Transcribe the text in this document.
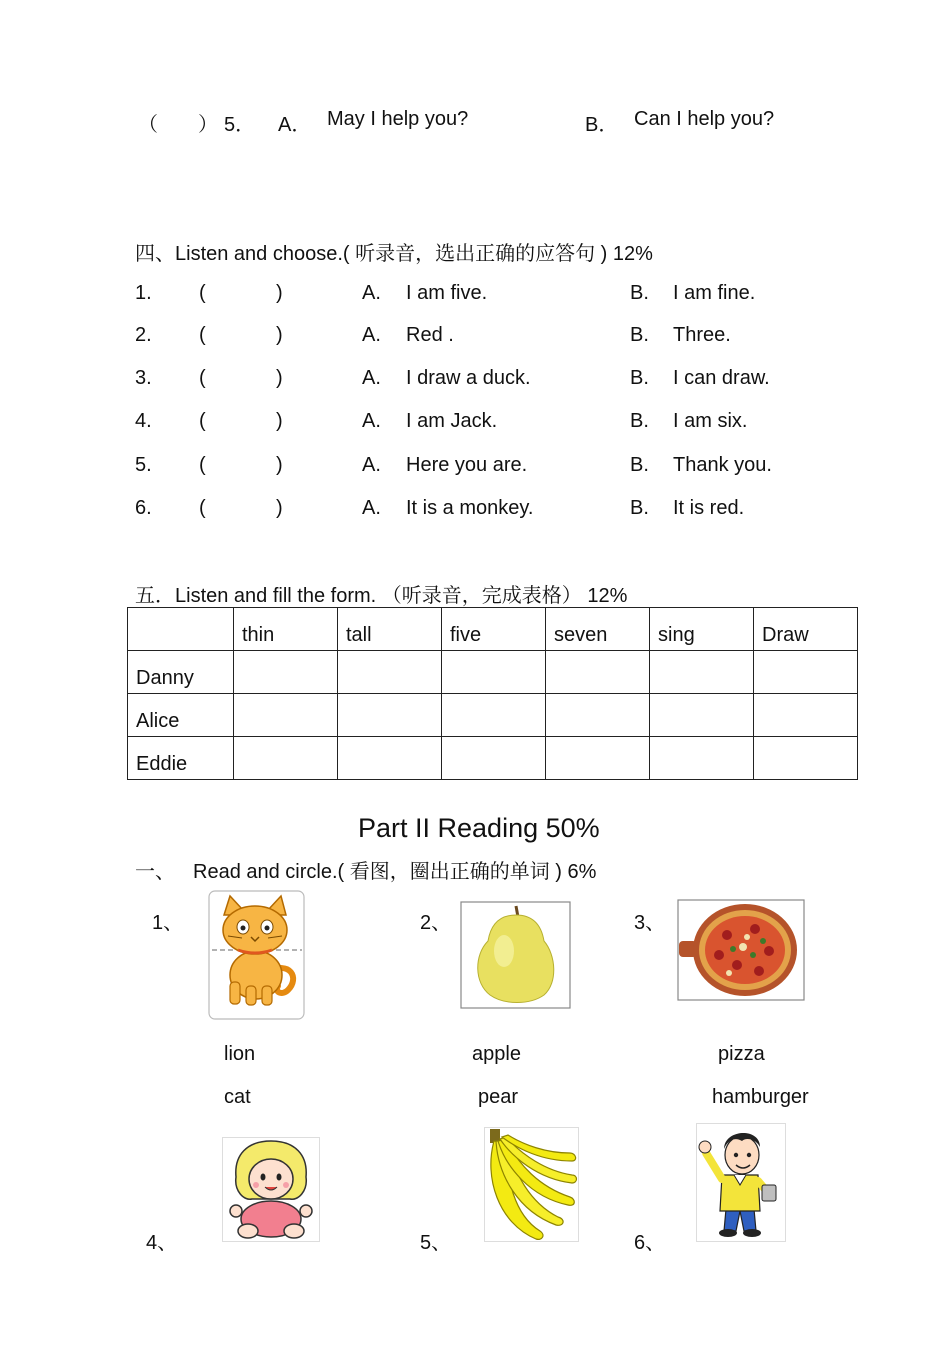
（　　） 5． A． May I help you?	B． Can I help you?
四、Listen and choose.( 听录音，选出正确的应答句 ) 12%
1. (	)	A. I am five.	B. I am fine.
2. (	)	A. Red .	B. Three.
3. (	)	A. I draw a duck.	B. I can draw.
4. (	)	A. I am Jack.	B. I am six.
5. (	)	A. Here you are.	B. Thank you.
6. (	)	A. It is a monkey.	B. It is red.
五．Listen and fill the form. （听录音，完成表格） 12%
	thin	tall	five	seven	sing	Draw
Danny						
Alice						
Eddie						
Part II Reading 50%
一、 Read and circle.( 看图，圈出正确的单词 ) 6%
1、	2、	3、
lion	apple	pizza
cat	pear	hamburger
4、	5、	6、
